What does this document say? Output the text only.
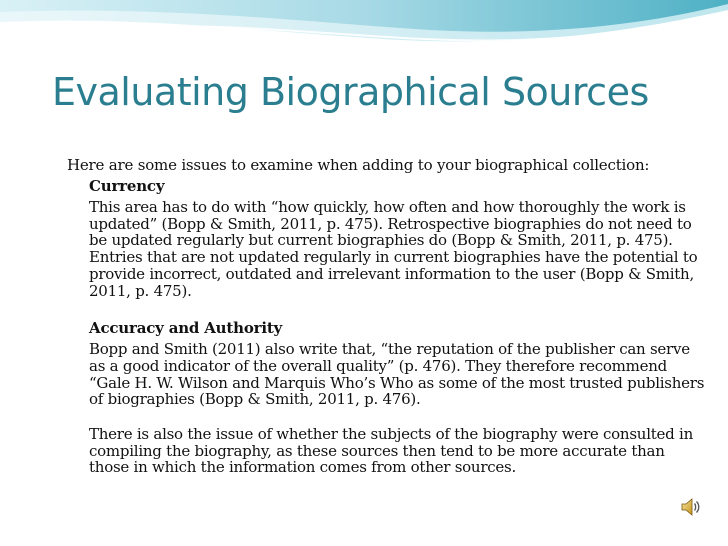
Evaluating Biographical Sources

Here are some issues to examine when adding to your biographical collection:

Currency

This area has to do with “how quickly, how often and how thoroughly the work is updated” (Bopp & Smith, 2011, p. 475). Retrospective biographies do not need to be updated regularly but current biographies do (Bopp & Smith, 2011, p. 475). Entries that are not updated regularly in current biographies have the potential to provide incorrect, outdated and irrelevant information to the user (Bopp & Smith, 2011, p. 475).

Accuracy and Authority

Bopp and Smith (2011) also write that, “the reputation of the publisher can serve as a good indicator of the overall quality” (p. 476). They therefore recommend “Gale H. W. Wilson and Marquis Who’s Who as some of the most trusted publishers of biographies (Bopp & Smith, 2011, p. 476).

There is also the issue of whether the subjects of the biography were consulted in compiling the biography, as these sources then tend to be more accurate than those in which the information comes from other sources.
